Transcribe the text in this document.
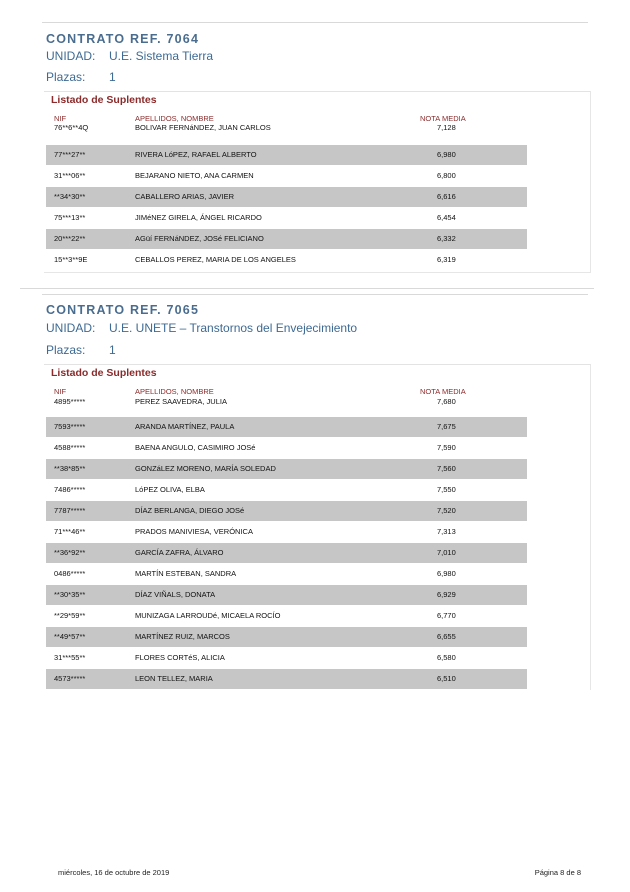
CONTRATO REF. 7064
UNIDAD: U.E. Sistema Tierra
Plazas: 1
Listado de Suplentes
NIF	APELLIDOS, NOMBRE	NOTA MEDIA
76**6**4Q	BOLIVAR FERNáNDEZ, JUAN CARLOS	7,128
77***27**	RIVERA LóPEZ, RAFAEL ALBERTO	6,980
31***06**	BEJARANO NIETO, ANA CARMEN	6,800
**34*30**	CABALLERO ARIAS, JAVIER	6,616
75***13**	JIMéNEZ GIRELA, ÁNGEL RICARDO	6,454
20***22**	AGüí FERNáNDEZ, JOSé FELICIANO	6,332
15**3**9E	CEBALLOS PEREZ, MARIA DE LOS ANGELES	6,319
CONTRATO REF. 7065
UNIDAD: U.E. UNETE – Transtornos del Envejecimiento
Plazas: 1
Listado de Suplentes
NIF	APELLIDOS, NOMBRE	NOTA MEDIA
4895*****	PEREZ SAAVEDRA, JULIA	7,680
7593*****	ARANDA MARTÍNEZ, PAULA	7,675
4588*****	BAENA ANGULO, CASIMIRO JOSé	7,590
**38*85**	GONZáLEZ MORENO, MARÍA SOLEDAD	7,560
7486*****	LóPEZ OLIVA, ELBA	7,550
7787*****	DÍAZ BERLANGA, DIEGO JOSé	7,520
71***46**	PRADOS MANIVIESA, VERÓNICA	7,313
**36*92**	GARCÍA ZAFRA, ÁLVARO	7,010
0486*****	MARTÍN ESTEBAN, SANDRA	6,980
**30*35**	DÍAZ VIÑALS, DONATA	6,929
**29*59**	MUNIZAGA LARROUDé, MICAELA ROCÍO	6,770
**49*57**	MARTÍNEZ RUIZ, MARCOS	6,655
31***55**	FLORES CORTéS, ALICIA	6,580
4573*****	LEON TELLEZ, MARIA	6,510
miércoles, 16 de octubre de 2019	Página 8 de 8
